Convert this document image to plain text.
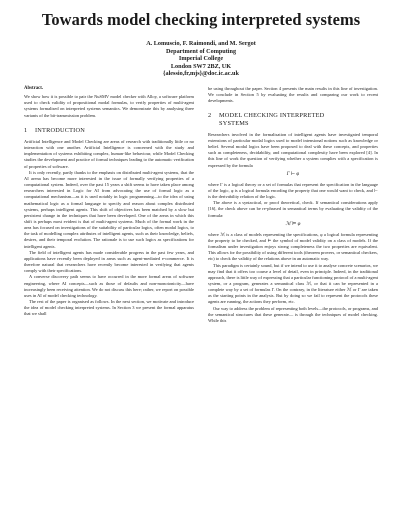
Towards model checking interpreted systems
A. Lomuscio, F. Raimondi, and M. Sergot
Department of Computing
Imperial College
London SW7 2BZ, UK
{alessio,fr,mjs}@doc.ic.ac.uk
Abstract.

We show how it is possible to pair the NuSMV model checker with Alloy, a software platform used to check validity of propositional modal formulas, to verify properties of multi-agent systems formalised on interpreted systems semantics. We demonstrate this by analysing three variants of the bit-transmission problem.

1 INTRODUCTION

Artificial Intelligence and Model Checking are areas of research with traditionally little or no interaction with one another. Artificial Intelligence is concerned with the study and implementation of systems exhibiting complex, human-like behaviour, while Model Checking studies the development and practice of formal techniques leading to the automatic verification of properties of software.

It is only recently, partly thanks to the emphasis on distributed multi-agent systems, that the AI arena has become more interested in the issue of formally verifying properties of a computational system. Indeed, over the past 15 years a shift seems to have taken place among researchers interested in Logic for AI from advocating the use of formal logic as a computational mechanism—as it is used notably in logic programming—to the idea of using mathematical logic as a formal language to specify and reason about complex distributed systems, perhaps intelligent agents. This shift of objectives has been matched by a slow but persistent change in the techniques that have been developed. One of the areas in which this shift is perhaps most evident is that of multi-agent systems. Much of the formal work in the area has focused on investigations of the suitability of particular logics, often modal logics, to the task of modelling complex attributes of intelligent agents, such as their knowledge, beliefs, desires, and their temporal evolution. The rationale is to use such logics as specifications for intelligent agents.

The field of intelligent agents has made considerable progress in the past few years, and applications have recently been deployed in areas such as agent-mediated e-commerce. It is therefore natural that researchers have recently become interested in verifying that agents comply with their specifications.

A converse discovery path seems to have occurred in the more formal areas of software engineering, where AI concepts—such as those of defaults and non-monotonicity—have increasingly been receiving attention. We do not discuss this here; rather, we report on possible uses in AI of model checking technology.

The rest of the paper is organised as follows. In the next section, we motivate and introduce the idea of model checking interpreted systems. In Section 3 we present the formal apparatus that we shall

be using throughout the paper. Section 4 presents the main results in this line of investigation. We conclude in Section 5 by evaluating the results and comparing our work to recent developments.

2 MODEL CHECKING INTERPRETED
SYSTEMS

Researchers involved in the formalisation of intelligent agents have investigated temporal extensions of particular modal logics used to model intensional notions such as knowledge or belief. Several modal logics have been proposed to deal with these concepts, and properties such as completeness, decidability, and computational complexity have been explored [4]. In this line of work the question of verifying whether a system complies with a specification is expressed by the formula

Γ ⊢ φ

where Γ is a logical theory or a set of formulas that represent the specification in the language of the logic, φ is a logical formula encoding the property that one would want to check, and ⊢ is the derivability relation of the logic.

The above is a syntactical, or proof theoretical, check. If semantical considerations apply [16], the check above can be re-phrased in semantical terms by evaluating the validity of the formula:

ℳ ⊨ φ

where ℳ is a class of models representing the specifications, φ a logical formula representing the property to be checked, and ⊨ the symbol of model validity on a class of models. If the formalism under investigation enjoys strong completeness the two properties are equivalent. This allows for the possibility of using different tools (theorem provers, or semantical checkers, etc) to check the validity of the relations above in an automatic way.

This paradigm is certainly sound, but if we intend to use it to analyse concrete scenarios, we may find that it offers too coarse a level of detail, even in principle. Indeed, in the traditional approach, there is little way of expressing that a particular functioning protocol of a multi-agent system, or a program, generates a semantical class ℳ, or that it can be represented in a complete way by a set of formulas Γ. On the contrary, in the literature either ℳ or Γ are taken as the starting points in the analysis. But by doing so we fail to represent the protocols these agents are running, the actions they perform, etc.

Our way to address the problem of representing both levels—the protocols, or programs, and the semantical structures that these generate— is through the techniques of model checking. While this
